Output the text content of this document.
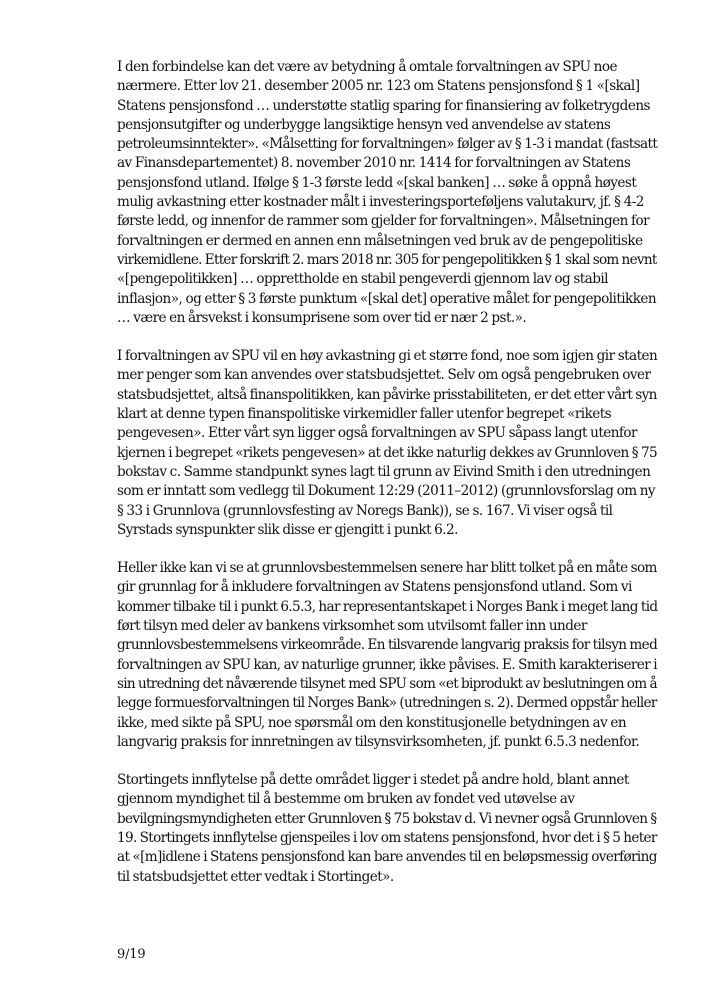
I den forbindelse kan det være av betydning å omtale forvaltningen av SPU noe
nærmere. Etter lov 21. desember 2005 nr. 123 om Statens pensjonsfond § 1 «[skal]
Statens pensjonsfond … understøtte statlig sparing for finansiering av folketrygdens
pensjonsutgifter og underbygge langsiktige hensyn ved anvendelse av statens
petroleumsinntekter». «Målsetting for forvaltningen» følger av § 1-3 i mandat (fastsatt
av Finansdepartementet) 8. november 2010 nr. 1414 for forvaltningen av Statens
pensjonsfond utland. Ifølge § 1-3 første ledd «[skal banken] … søke å oppnå høyest
mulig avkastning etter kostnader målt i investeringsporteføljens valutakurv, jf. § 4-2
første ledd, og innenfor de rammer som gjelder for forvaltningen». Målsetningen for
forvaltningen er dermed en annen enn målsetningen ved bruk av de pengepolitiske
virkemidlene. Etter forskrift 2. mars 2018 nr. 305 for pengepolitikken § 1 skal som nevnt
«[pengepolitikken] … opprettholde en stabil pengeverdi gjennom lav og stabil
inflasjon», og etter § 3 første punktum «[skal det] operative målet for pengepolitikken
… være en årsvekst i konsumprisene som over tid er nær 2 pst.».

I forvaltningen av SPU vil en høy avkastning gi et større fond, noe som igjen gir staten
mer penger som kan anvendes over statsbudsjettet. Selv om også pengebruken over
statsbudsjettet, altså finanspolitikken, kan påvirke prisstabiliteten, er det etter vårt syn
klart at denne typen finanspolitiske virkemidler faller utenfor begrepet «rikets
pengevesen». Etter vårt syn ligger også forvaltningen av SPU såpass langt utenfor
kjernen i begrepet «rikets pengevesen» at det ikke naturlig dekkes av Grunnloven § 75
bokstav c. Samme standpunkt synes lagt til grunn av Eivind Smith i den utredningen
som er inntatt som vedlegg til Dokument 12:29 (2011–2012) (grunnlovsforslag om ny
§ 33 i Grunnlova (grunnlovsfesting av Noregs Bank)), se s. 167. Vi viser også til
Syrstads synspunkter slik disse er gjengitt i punkt 6.2.

Heller ikke kan vi se at grunnlovsbestemmelsen senere har blitt tolket på en måte som
gir grunnlag for å inkludere forvaltningen av Statens pensjonsfond utland. Som vi
kommer tilbake til i punkt 6.5.3, har representantskapet i Norges Bank i meget lang tid
ført tilsyn med deler av bankens virksomhet som utvilsomt faller inn under
grunnlovsbestemmelsens virkeområde. En tilsvarende langvarig praksis for tilsyn med
forvaltningen av SPU kan, av naturlige grunner, ikke påvises. E. Smith karakteriserer i
sin utredning det nåværende tilsynet med SPU som «et biprodukt av beslutningen om å
legge formuesforvaltningen til Norges Bank» (utredningen s. 2). Dermed oppstår heller
ikke, med sikte på SPU, noe spørsmål om den konstitusjonelle betydningen av en
langvarig praksis for innretningen av tilsynsvirksomheten, jf. punkt 6.5.3 nedenfor.

Stortingets innflytelse på dette området ligger i stedet på andre hold, blant annet
gjennom myndighet til å bestemme om bruken av fondet ved utøvelse av
bevilgningsmyndigheten etter Grunnloven § 75 bokstav d. Vi nevner også Grunnloven §
19. Stortingets innflytelse gjenspeiles i lov om statens pensjonsfond, hvor det i § 5 heter
at «[m]idlene i Statens pensjonsfond kan bare anvendes til en beløpsmessig overføring
til statsbudsjettet etter vedtak i Stortinget».

9/19
